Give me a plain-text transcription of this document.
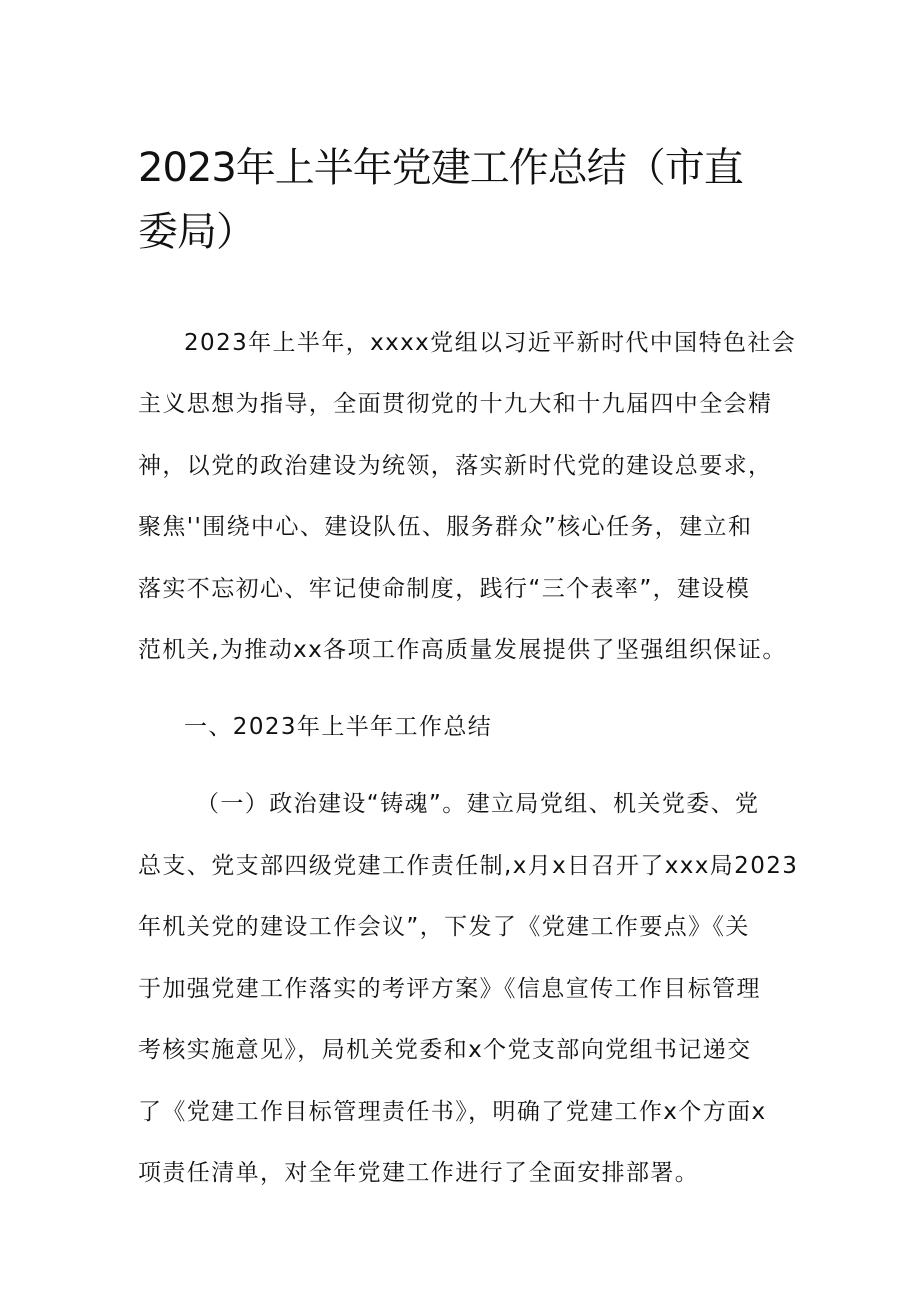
2023年上半年党建工作总结（市直
委局）
2023年上半年，xxxx党组以习近平新时代中国特色社会
主义思想为指导，全面贯彻党的十九大和十九届四中全会精
神，以党的政治建设为统领，落实新时代党的建设总要求，
聚焦''围绕中心、建设队伍、服务群众”核心任务，建立和
落实不忘初心、牢记使命制度，践行“三个表率”，建设模
范机关,为推动xx各项工作高质量发展提供了坚强组织保证。
一、2023年上半年工作总结
（一）政治建设“铸魂”。建立局党组、机关党委、党
总支、党支部四级党建工作责任制,x月x日召开了xxx局2023
年机关党的建设工作会议”，下发了《党建工作要点》《关
于加强党建工作落实的考评方案》《信息宣传工作目标管理
考核实施意见》，局机关党委和x个党支部向党组书记递交
了《党建工作目标管理责任书》，明确了党建工作x个方面x
项责任清单，对全年党建工作进行了全面安排部署。
